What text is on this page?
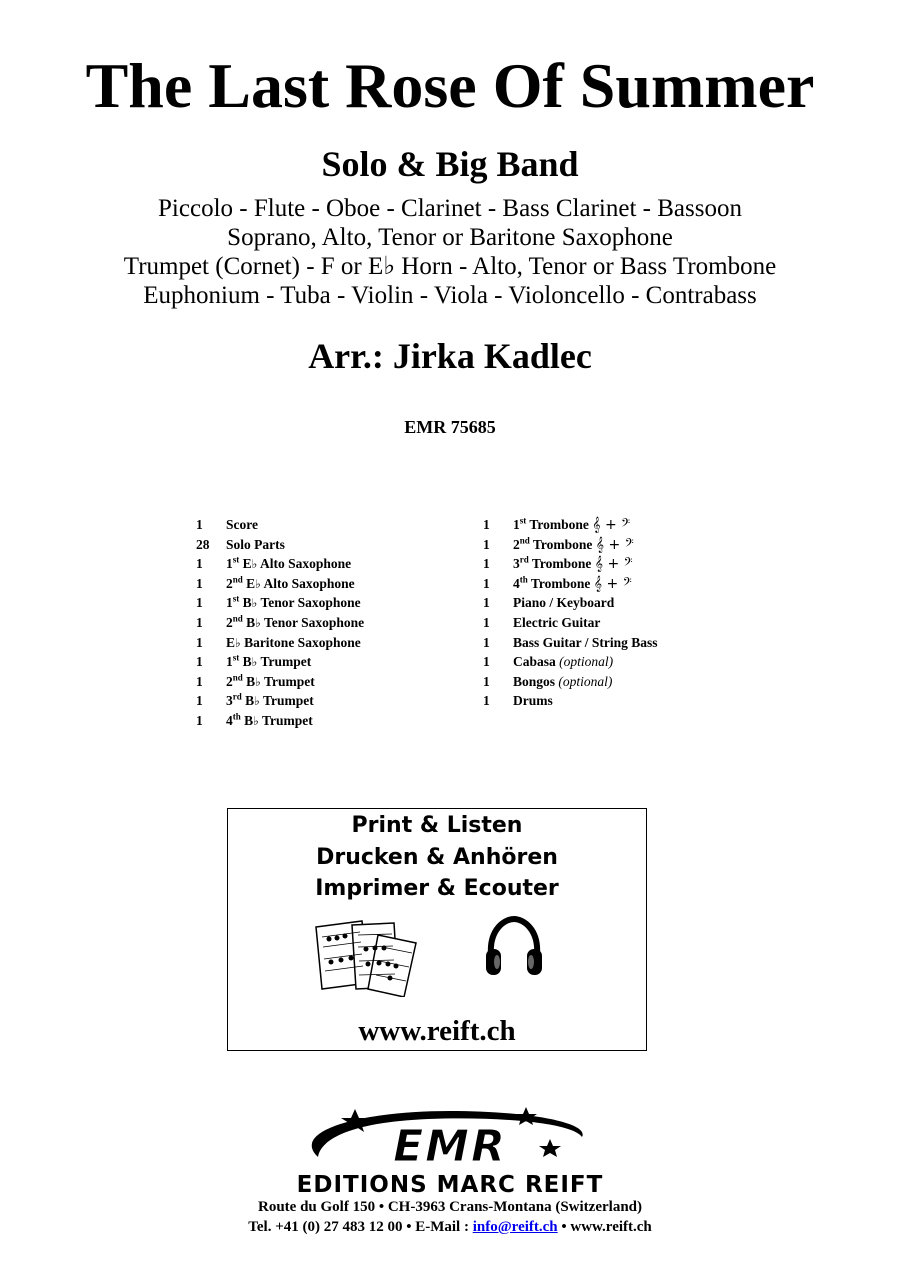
The Last Rose Of Summer
Solo & Big Band
Piccolo - Flute - Oboe - Clarinet - Bass Clarinet - Bassoon
Soprano, Alto, Tenor or Baritone Saxophone
Trumpet (Cornet) - F or E♭ Horn - Alto, Tenor or Bass Trombone
Euphonium - Tuba - Violin - Viola - Violoncello - Contrabass
Arr.: Jirka Kadlec
EMR 75685
1 Score
28 Solo Parts
1 1st E♭ Alto Saxophone
1 2nd E♭ Alto Saxophone
1 1st B♭ Tenor Saxophone
1 2nd B♭ Tenor Saxophone
1 E♭ Baritone Saxophone
1 1st B♭ Trumpet
1 2nd B♭ Trumpet
1 3rd B♭ Trumpet
1 4th B♭ Trumpet
1 1st Trombone 𝄞 + 𝄢
1 2nd Trombone 𝄞 + 𝄢
1 3rd Trombone 𝄞 + 𝄢
1 4th Trombone 𝄞 + 𝄢
1 Piano / Keyboard
1 Electric Guitar
1 Bass Guitar / String Bass
1 Cabasa (optional)
1 Bongos (optional)
1 Drums
Print & Listen
Drucken & Anhören
Imprimer & Ecouter
www.reift.ch
EMR
EDITIONS MARC REIFT
Route du Golf 150 • CH-3963 Crans-Montana (Switzerland)
Tel. +41 (0) 27 483 12 00 • E-Mail : info@reift.ch • www.reift.ch
